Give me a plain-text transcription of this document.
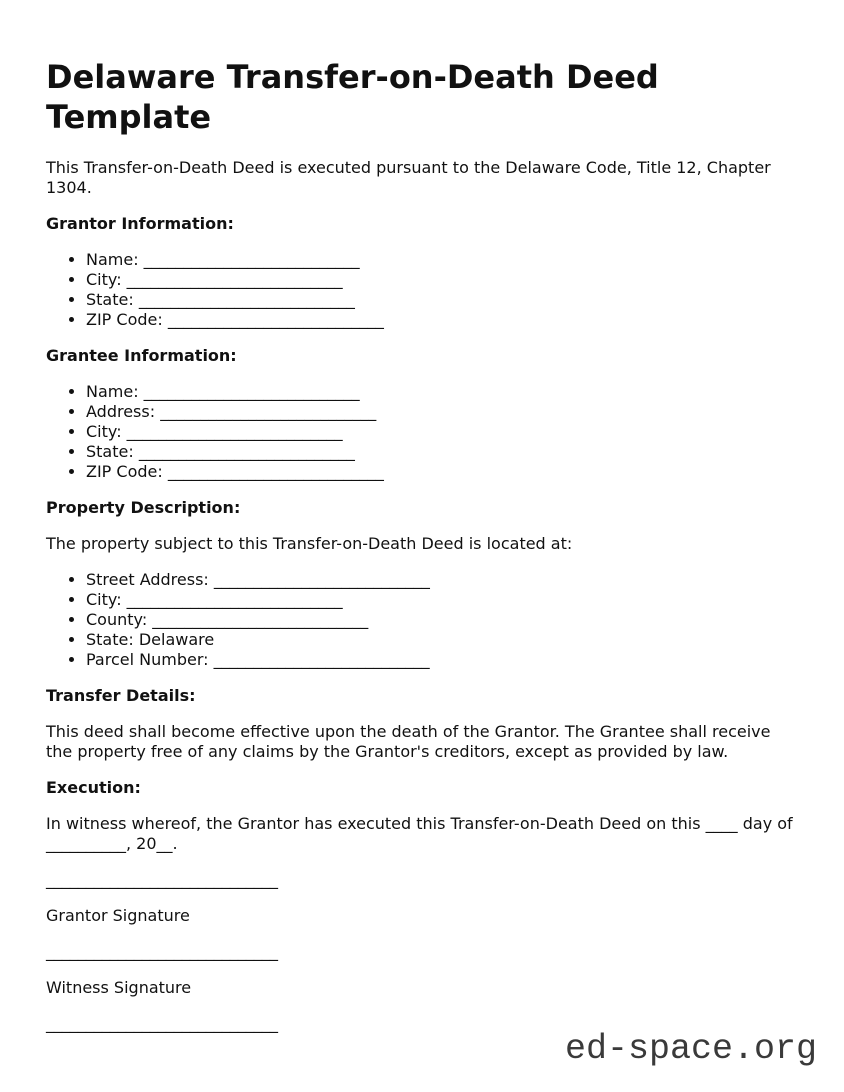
Delaware Transfer-on-Death Deed Template

This Transfer-on-Death Deed is executed pursuant to the Delaware Code, Title 12, Chapter 1304.

Grantor Information:

• Name: ___________________________
• City: ___________________________
• State: ___________________________
• ZIP Code: ___________________________

Grantee Information:

• Name: ___________________________
• Address: ___________________________
• City: ___________________________
• State: ___________________________
• ZIP Code: ___________________________

Property Description:

The property subject to this Transfer-on-Death Deed is located at:

• Street Address: ___________________________
• City: ___________________________
• County: ___________________________
• State: Delaware
• Parcel Number: ___________________________

Transfer Details:

This deed shall become effective upon the death of the Grantor. The Grantee shall receive the property free of any claims by the Grantor's creditors, except as provided by law.

Execution:

In witness whereof, the Grantor has executed this Transfer-on-Death Deed on this ____ day of __________, 20__.

_____________________________

Grantor Signature

_____________________________

Witness Signature

_____________________________

ed-space.org
